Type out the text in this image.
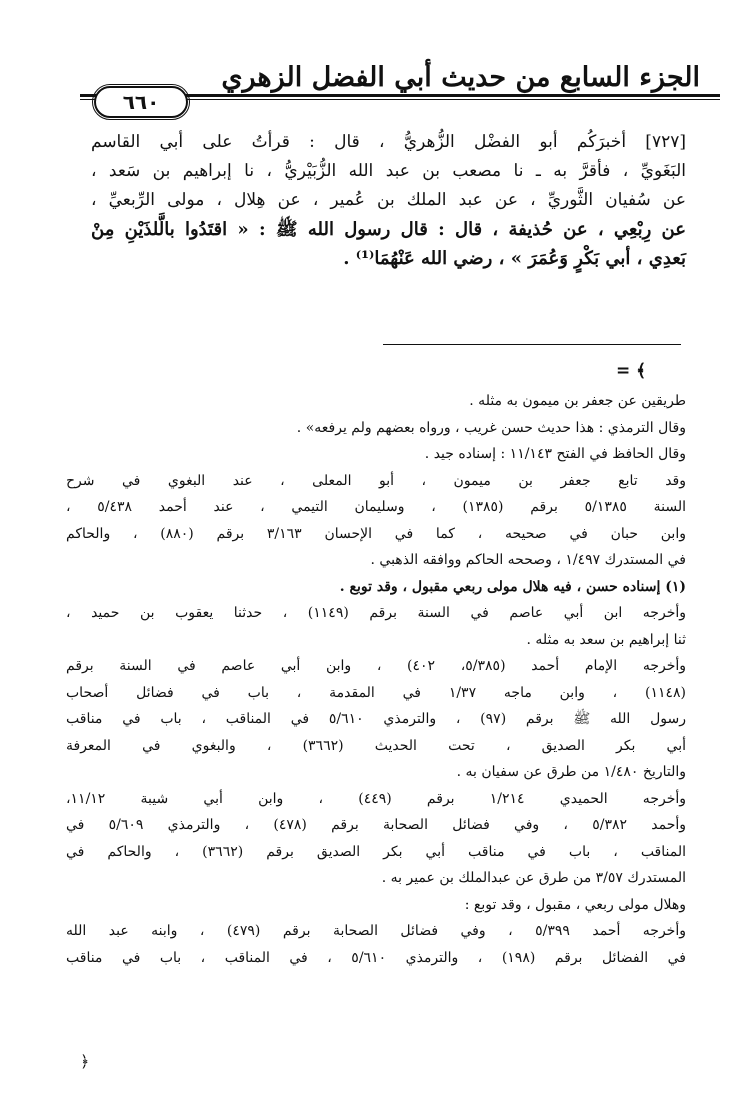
الجزء السابع من حديث أبي الفضل الزهري
٦٦٠
[٧٢٧] أخبرَكُم أبو الفضْل الزُّهريُّ ، قال : قرأتُ على أبي القاسم
البَغَويِّ ، فأقرَّ به ـ نا مصعب بن عبد الله الزُّبَيْريُّ ، نا إبراهيم بن سَعد ،
عن سُفيان الثَّوريِّ ، عن عبد الملك بن عُمير ، عن هِلال ، مولى الرِّبعيِّ ،
عن رِبْعِي ، عن حُذيفة ، قال : قال رسول الله ﷺ : « اقتَدُوا بالَّلذَيْنِ مِنْ
بَعدِي ، أبي بَكْرٍ وَعُمَرَ » ، رضي الله عَنْهُمَا⁽¹⁾ .
= ﴾
طريقين عن جعفر بن ميمون به مثله .
وقال الترمذي : هذا حديث حسن غريب ، ورواه بعضهم ولم يرفعه» .
وقال الحافظ في الفتح ١١/١٤٣ : إسناده جيد .
وقد تابع جعفر بن ميمون ، أبو المعلى ، عند البغوي في شرح
السنة ٥/١٣٨٥ برقم (١٣٨٥) ، وسليمان التيمي ، عند أحمد ٥/٤٣٨ ،
وابن حبان في صحيحه ، كما في الإحسان ٣/١٦٣ برقم (٨٨٠) ، والحاكم
في المستدرك ١/٤٩٧ ، وصححه الحاكم ووافقه الذهبي .
(١) إسناده حسن ، فيه هلال مولى ربعي مقبول ، وقد توبع .
وأخرجه ابن أبي عاصم في السنة برقم (١١٤٩) ، حدثنا يعقوب بن حميد ،
ثنا إبراهيم بن سعد به مثله .
وأخرجه الإمام أحمد (٥/٣٨٥، ٤٠٢) ، وابن أبي عاصم في السنة برقم
(١١٤٨) ، وابن ماجه ١/٣٧ في المقدمة ، باب في فضائل أصحاب
رسول الله ﷺ برقم (٩٧) ، والترمذي ٥/٦١٠ في المناقب ، باب في مناقب
أبي بكر الصديق ، تحت الحديث (٣٦٦٢) ، والبغوي في المعرفة
والتاريخ ١/٤٨٠ من طرق عن سفيان به .
وأخرجه الحميدي ١/٢١٤ برقم (٤٤٩) ، وابن أبي شيبة ١١/١٢،
وأحمد ٥/٣٨٢ ، وفي فضائل الصحابة برقم (٤٧٨) ، والترمذي ٥/٦٠٩ في
المناقب ، باب في مناقب أبي بكر الصديق برقم (٣٦٦٢) ، والحاكم في
المستدرك ٣/٥٧ من طرق عن عبدالملك بن عمير به .
وهلال مولى ربعي ، مقبول ، وقد توبع :
وأخرجه أحمد ٥/٣٩٩ ، وفي فضائل الصحابة برقم (٤٧٩) ، وابنه عبد الله
في الفضائل برقم (١٩٨) ، والترمذي ٥/٦١٠ ، في المناقب ، باب في مناقب
﴿
